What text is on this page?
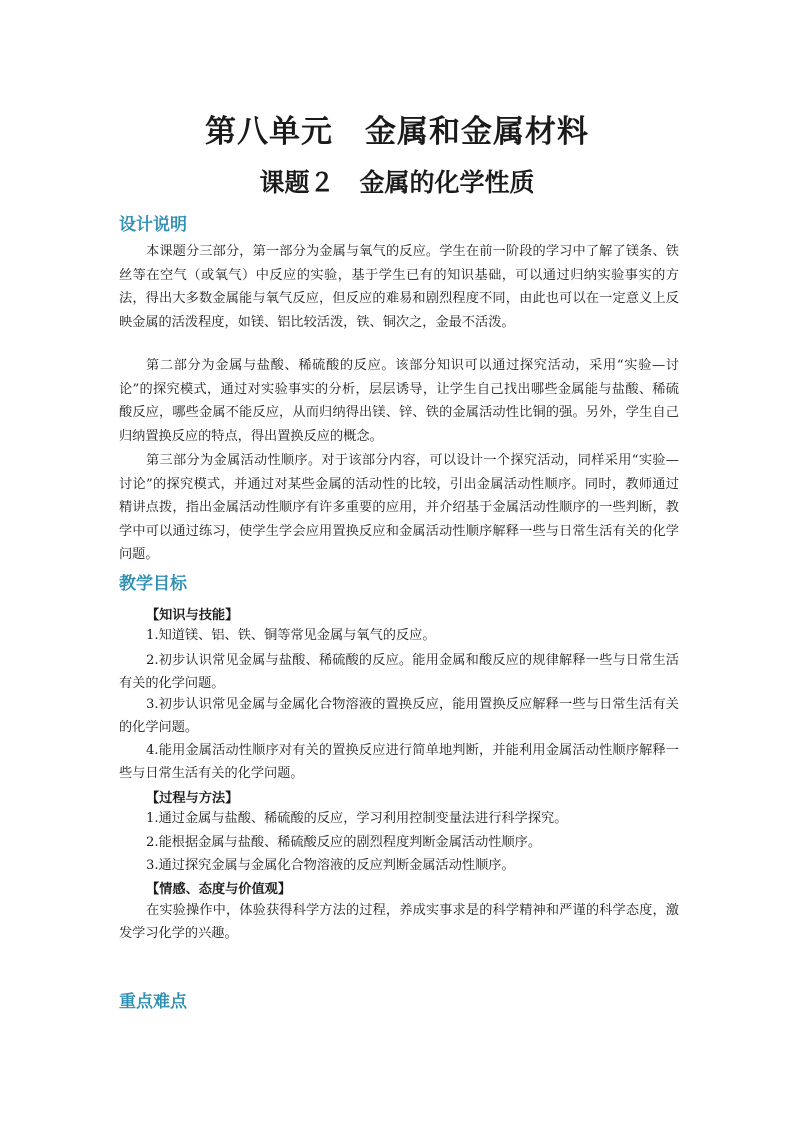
第八单元　金属和金属材料
课题２　金属的化学性质
设计说明
本课题分三部分，第一部分为金属与氧气的反应。学生在前一阶段的学习中了解了镁条、铁丝等在空气（或氧气）中反应的实验，基于学生已有的知识基础，可以通过归纳实验事实的方法，得出大多数金属能与氧气反应，但反应的难易和剧烈程度不同，由此也可以在一定意义上反映金属的活泼程度，如镁、铝比较活泼，铁、铜次之，金最不活泼。
第二部分为金属与盐酸、稀硫酸的反应。该部分知识可以通过探究活动，采用“实验—讨论”的探究模式，通过对实验事实的分析，层层诱导，让学生自己找出哪些金属能与盐酸、稀硫酸反应，哪些金属不能反应，从而归纳得出镁、锌、铁的金属活动性比铜的强。另外，学生自己归纳置换反应的特点，得出置换反应的概念。
第三部分为金属活动性顺序。对于该部分内容，可以设计一个探究活动，同样采用“实验—讨论”的探究模式，并通过对某些金属的活动性的比较，引出金属活动性顺序。同时，教师通过精讲点拨，指出金属活动性顺序有许多重要的应用，并介绍基于金属活动性顺序的一些判断，教学中可以通过练习，使学生学会应用置换反应和金属活动性顺序解释一些与日常生活有关的化学问题。
教学目标
【知识与技能】
1.知道镁、铝、铁、铜等常见金属与氧气的反应。
2.初步认识常见金属与盐酸、稀硫酸的反应。能用金属和酸反应的规律解释一些与日常生活有关的化学问题。
3.初步认识常见金属与金属化合物溶液的置换反应，能用置换反应解释一些与日常生活有关的化学问题。
4.能用金属活动性顺序对有关的置换反应进行简单地判断，并能利用金属活动性顺序解释一些与日常生活有关的化学问题。
【过程与方法】
1.通过金属与盐酸、稀硫酸的反应，学习利用控制变量法进行科学探究。
2.能根据金属与盐酸、稀硫酸反应的剧烈程度判断金属活动性顺序。
3.通过探究金属与金属化合物溶液的反应判断金属活动性顺序。
【情感、态度与价值观】
在实验操作中，体验获得科学方法的过程，养成实事求是的科学精神和严谨的科学态度，激发学习化学的兴趣。
重点难点
